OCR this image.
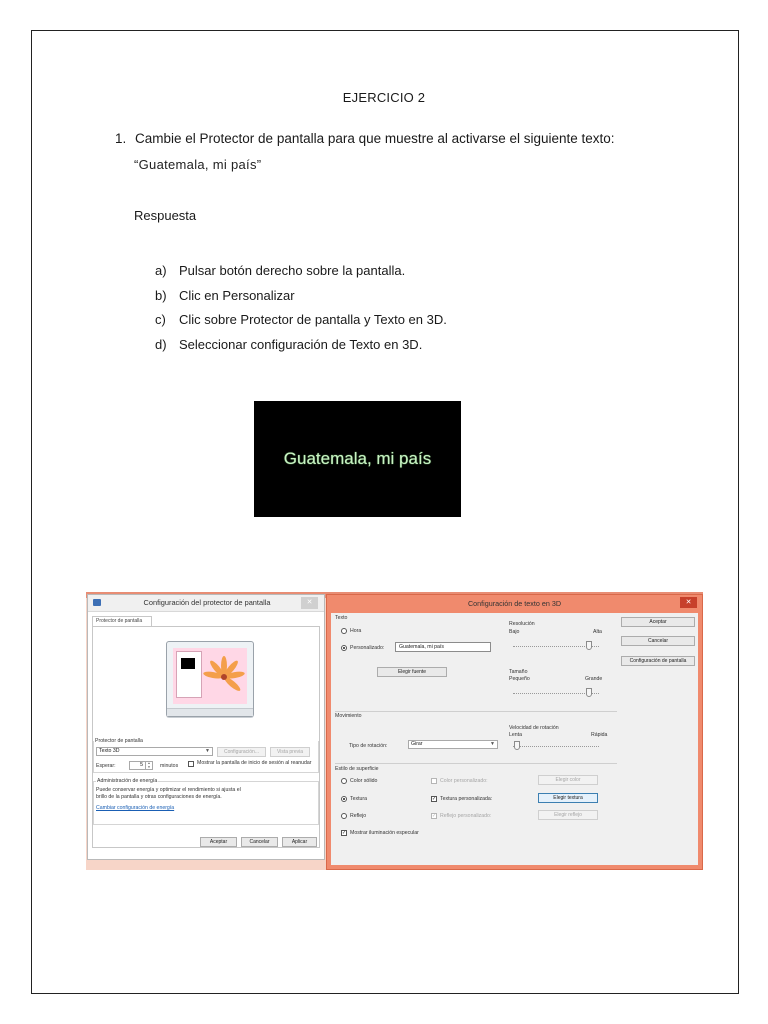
EJERCICIO 2
1. Cambie el Protector de pantalla para que muestre al activarse el siguiente texto:
“Guatemala, mi país”
Respuesta
a) Pulsar botón derecho sobre la pantalla.
b) Clic en Personalizar
c) Clic sobre Protector de pantalla y Texto en 3D.
d) Seleccionar configuración de Texto en 3D.
Guatemala, mi país
Configuración del protector de pantalla	✕
Protector de pantalla
Protector de pantalla
Texto 3D	▼	Configuración...	Vista previa
Esperar:	5	▲
▼ minutos	Mostrar la pantalla de inicio de sesión al reanudar
Administración de energía
Puede conservar energía y optimizar el rendimiento si ajusta el
brillo de la pantalla y otras configuraciones de energía.
Cambiar configuración de energía
Aceptar	Cancelar	Aplicar
Configuración de texto en 3D	✕
Texto
Hora
Personalizado:	Guatemala, mi país
Elegir fuente
Resolución
Bajo	Alta
Tamaño
Pequeño	Grande
Movimiento
Tipo de rotación:	Girar	▼
Velocidad de rotación
Lenta	Rápida
Estilo de superficie
Color sólido	Color personalizado:	Elegir color
Textura	✓ Textura personalizada:	Elegir textura
Reflejo	✓ Reflejo personalizado:	Elegir reflejo
✓ Mostrar iluminación especular
Aceptar
Cancelar
Configuración de pantalla
